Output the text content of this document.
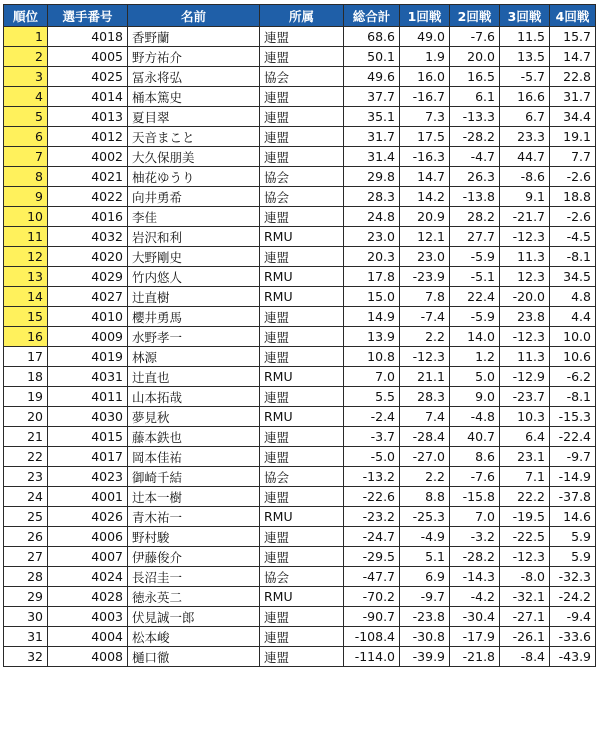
順位	選手番号	名前	所属	総合計	1回戦	2回戦	3回戦	4回戦
1	4018	香野蘭	連盟	68.6	49.0	-7.6	11.5	15.7
2	4005	野方祐介	連盟	50.1	1.9	20.0	13.5	14.7
3	4025	冨永将弘	協会	49.6	16.0	16.5	-5.7	22.8
4	4014	桶本篤史	連盟	37.7	-16.7	6.1	16.6	31.7
5	4013	夏目翠	連盟	35.1	7.3	-13.3	6.7	34.4
6	4012	天音まこと	連盟	31.7	17.5	-28.2	23.3	19.1
7	4002	大久保朋美	連盟	31.4	-16.3	-4.7	44.7	7.7
8	4021	柚花ゆうり	協会	29.8	14.7	26.3	-8.6	-2.6
9	4022	向井勇希	協会	28.3	14.2	-13.8	9.1	18.8
10	4016	李佳	連盟	24.8	20.9	28.2	-21.7	-2.6
11	4032	岩沢和利	RMU	23.0	12.1	27.7	-12.3	-4.5
12	4020	大野剛史	連盟	20.3	23.0	-5.9	11.3	-8.1
13	4029	竹内悠人	RMU	17.8	-23.9	-5.1	12.3	34.5
14	4027	辻直樹	RMU	15.0	7.8	22.4	-20.0	4.8
15	4010	櫻井勇馬	連盟	14.9	-7.4	-5.9	23.8	4.4
16	4009	水野孝一	連盟	13.9	2.2	14.0	-12.3	10.0
17	4019	林源	連盟	10.8	-12.3	1.2	11.3	10.6
18	4031	辻直也	RMU	7.0	21.1	5.0	-12.9	-6.2
19	4011	山本拓哉	連盟	5.5	28.3	9.0	-23.7	-8.1
20	4030	夢見秋	RMU	-2.4	7.4	-4.8	10.3	-15.3
21	4015	藤本鉄也	連盟	-3.7	-28.4	40.7	6.4	-22.4
22	4017	岡本佳祐	連盟	-5.0	-27.0	8.6	23.1	-9.7
23	4023	御崎千結	協会	-13.2	2.2	-7.6	7.1	-14.9
24	4001	辻本一樹	連盟	-22.6	8.8	-15.8	22.2	-37.8
25	4026	青木祐一	RMU	-23.2	-25.3	7.0	-19.5	14.6
26	4006	野村駿	連盟	-24.7	-4.9	-3.2	-22.5	5.9
27	4007	伊藤俊介	連盟	-29.5	5.1	-28.2	-12.3	5.9
28	4024	長沼圭一	協会	-47.7	6.9	-14.3	-8.0	-32.3
29	4028	徳永英二	RMU	-70.2	-9.7	-4.2	-32.1	-24.2
30	4003	伏見誠一郎	連盟	-90.7	-23.8	-30.4	-27.1	-9.4
31	4004	松本峻	連盟	-108.4	-30.8	-17.9	-26.1	-33.6
32	4008	樋口徹	連盟	-114.0	-39.9	-21.8	-8.4	-43.9
